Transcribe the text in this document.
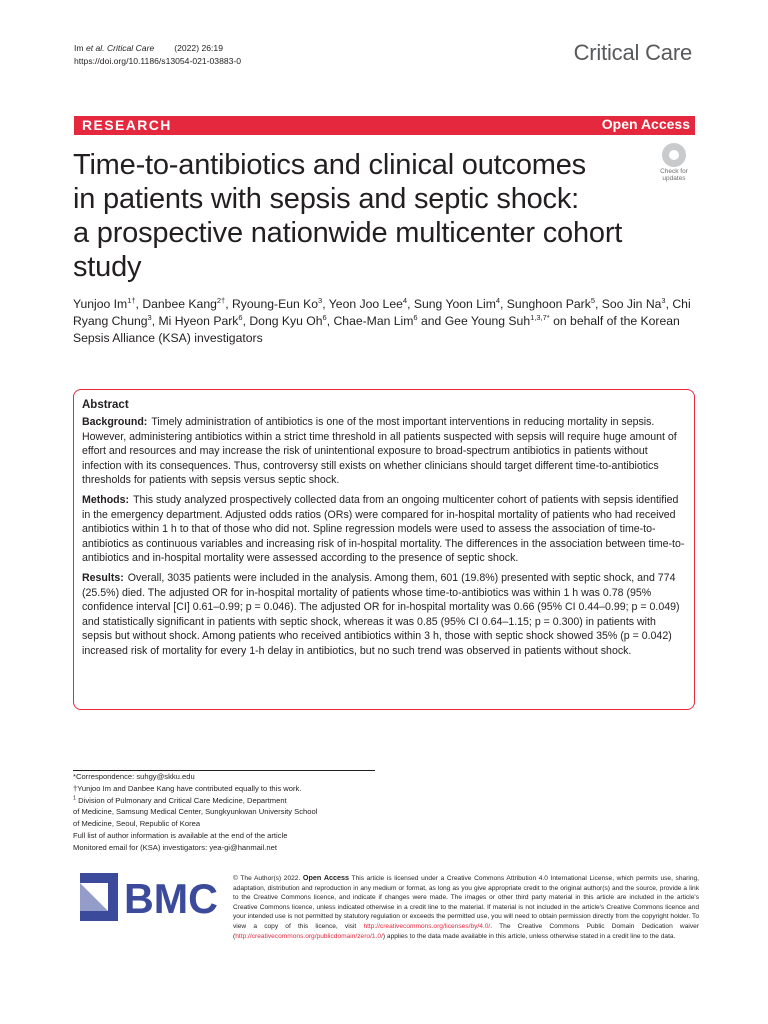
Im et al. Critical Care (2022) 26:19
https://doi.org/10.1186/s13054-021-03883-0	Critical Care
RESEARCH	Open Access
Time-to-antibiotics and clinical outcomes
in patients with sepsis and septic shock:
a prospective nationwide multicenter cohort
study
Check for
updates
Yunjoo $Im^{1\dagger}$, Danbee Kang$^{2\dagger}$, Ryoung-Eun Ko$^3$, Yeon Joo Lee$^4$, Sung Yoon Lim$^4$, Sunghoon Park$^5$, Soo Jin Na$^3$, Chi Ryang Chung$^3$, Mi Hyeon Park$^6$, Dong Kyu Oh$^6$, Chae-Man Lim$^6$ and Gee Young Suh$^{1,3,7*}$ on behalf of the Korean Sepsis Alliance (KSA) investigators
Abstract

Background: Timely administration of antibiotics is one of the most important interventions in reducing mortality in sepsis. However, administering antibiotics within a strict time threshold in all patients suspected with sepsis will require huge amount of effort and resources and may increase the risk of unintentional exposure to broad-spectrum antibiotics in patients without infection with its consequences. Thus, controversy still exists on whether clinicians should target different time-to-antibiotics thresholds for patients with sepsis versus septic shock.

Methods: This study analyzed prospectively collected data from an ongoing multicenter cohort of patients with sepsis identified in the emergency department. Adjusted odds ratios (ORs) were compared for in-hospital mortality of patients who had received antibiotics within 1 h to that of those who did not. Spline regression models were used to assess the association of time-to-antibiotics as continuous variables and increasing risk of in-hospital mortality. The differences in the association between time-to-antibiotics and in-hospital mortality were assessed according to the presence of septic shock.

Results: Overall, 3035 patients were included in the analysis. Among them, 601 (19.8%) presented with septic shock, and 774 (25.5%) died. The adjusted OR for in-hospital mortality of patients whose time-to-antibiotics was within 1 h was 0.78 (95% confidence interval [CI] 0.61–0.99; p = 0.046). The adjusted OR for in-hospital mortality was 0.66 (95% CI 0.44–0.99; p = 0.049) and statistically significant in patients with septic shock, whereas it was 0.85 (95% CI 0.64–1.15; p = 0.300) in patients with sepsis but without shock. Among patients who received antibiotics within 3 h, those with septic shock showed 35% (p = 0.042) increased risk of mortality for every 1-h delay in antibiotics, but no such trend was observed in patients without shock.

*Correspondence: suhgy@skku.edu
†Yunjoo Im and Danbee Kang have contributed equally to this work.
$^1$ Division of Pulmonary and Critical Care Medicine, Department
of Medicine, Samsung Medical Center, Sungkyunkwan University School
of Medicine, Seoul, Republic of Korea
Full list of author information is available at the end of the article
Monitored email for (KSA) investigators: yea-gi@hanmail.net
BMC © The Author(s) 2022. Open Access This article is licensed under a Creative Commons Attribution 4.0 International License, which permits use, sharing, adaptation, distribution and reproduction in any medium or format, as long as you give appropriate credit to the original author(s) and the source, provide a link to the Creative Commons licence, and indicate if changes were made. The images or other third party material in this article are included in the article's Creative Commons licence, unless indicated otherwise in a credit line to the material. If material is not included in the article's Creative Commons licence and your intended use is not permitted by statutory regulation or exceeds the permitted use, you will need to obtain permission directly from the copyright holder. To view a copy of this licence, visit http://creativecommons.org/licenses/by/4.0/. The Creative Commons Public Domain Dedication waiver (http://creativecommons.org/publicdomain/zero/1.0/) applies to the data made available in this article, unless otherwise stated in a credit line to the data.
